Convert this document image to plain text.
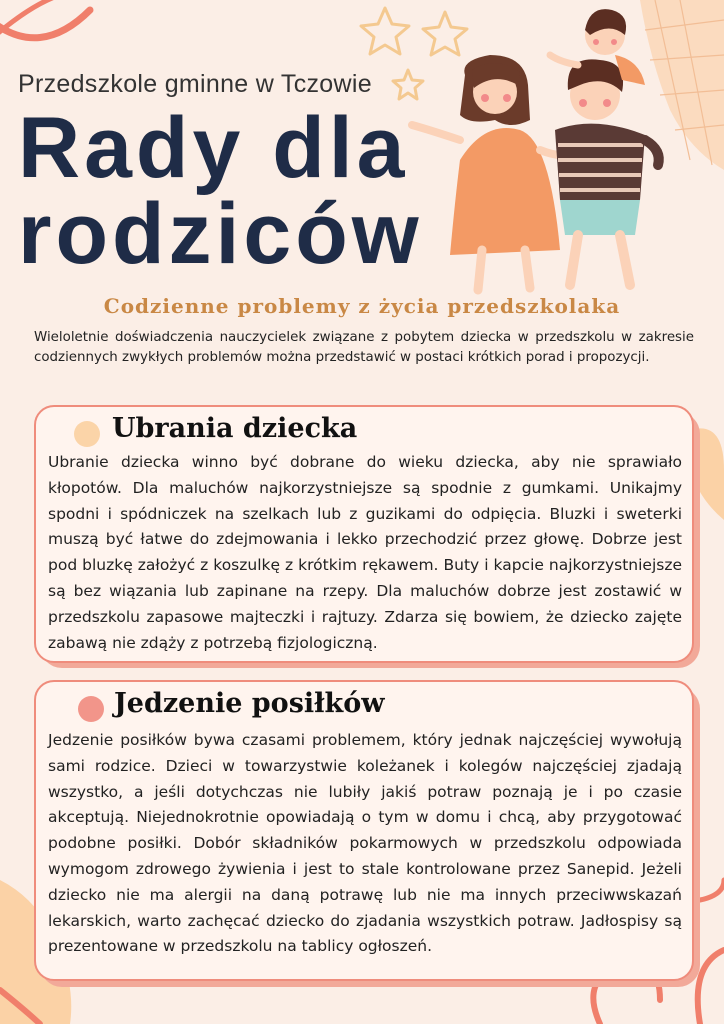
Przedszkole gminne w Tczowie
Rady dla
rodziców
Codzienne problemy z życia przedszkolaka
Wieloletnie doświadczenia nauczycielek związane z pobytem dziecka w przedszkolu w zakresie codziennych zwykłych problemów można przedstawić w postaci krótkich porad i propozycji.
Ubrania dziecka

Ubranie dziecka winno być dobrane do wieku dziecka, aby nie sprawiało kłopotów. Dla maluchów najkorzystniejsze są spodnie z gumkami. Unikajmy spodni i spódniczek na szelkach lub z guzikami do odpięcia. Bluzki i sweterki muszą być łatwe do zdejmowania i lekko przechodzić przez głowę. Dobrze jest pod bluzkę założyć z koszulkę z krótkim rękawem. Buty i kapcie najkorzystniejsze są bez wiązania lub zapinane na rzepy. Dla maluchów dobrze jest zostawić w przedszkolu zapasowe majteczki i rajtuzy. Zdarza się bowiem, że dziecko zajęte zabawą nie zdąży z potrzebą fizjologiczną.

Jedzenie posiłków

Jedzenie posiłków bywa czasami problemem, który jednak najczęściej wywołują sami rodzice. Dzieci w towarzystwie koleżanek i kolegów najczęściej zjadają wszystko, a jeśli dotychczas nie lubiły jakiś potraw poznają je i po czasie akceptują. Niejednokrotnie opowiadają o tym w domu i chcą, aby przygotować podobne posiłki. Dobór składników pokarmowych w przedszkolu odpowiada wymogom zdrowego żywienia i jest to stale kontrolowane przez Sanepid. Jeżeli dziecko nie ma alergii na daną potrawę lub nie ma innych przeciwwskazań lekarskich, warto zachęcać dziecko do zjadania wszystkich potraw. Jadłospisy są prezentowane w przedszkolu na tablicy ogłoszeń.
